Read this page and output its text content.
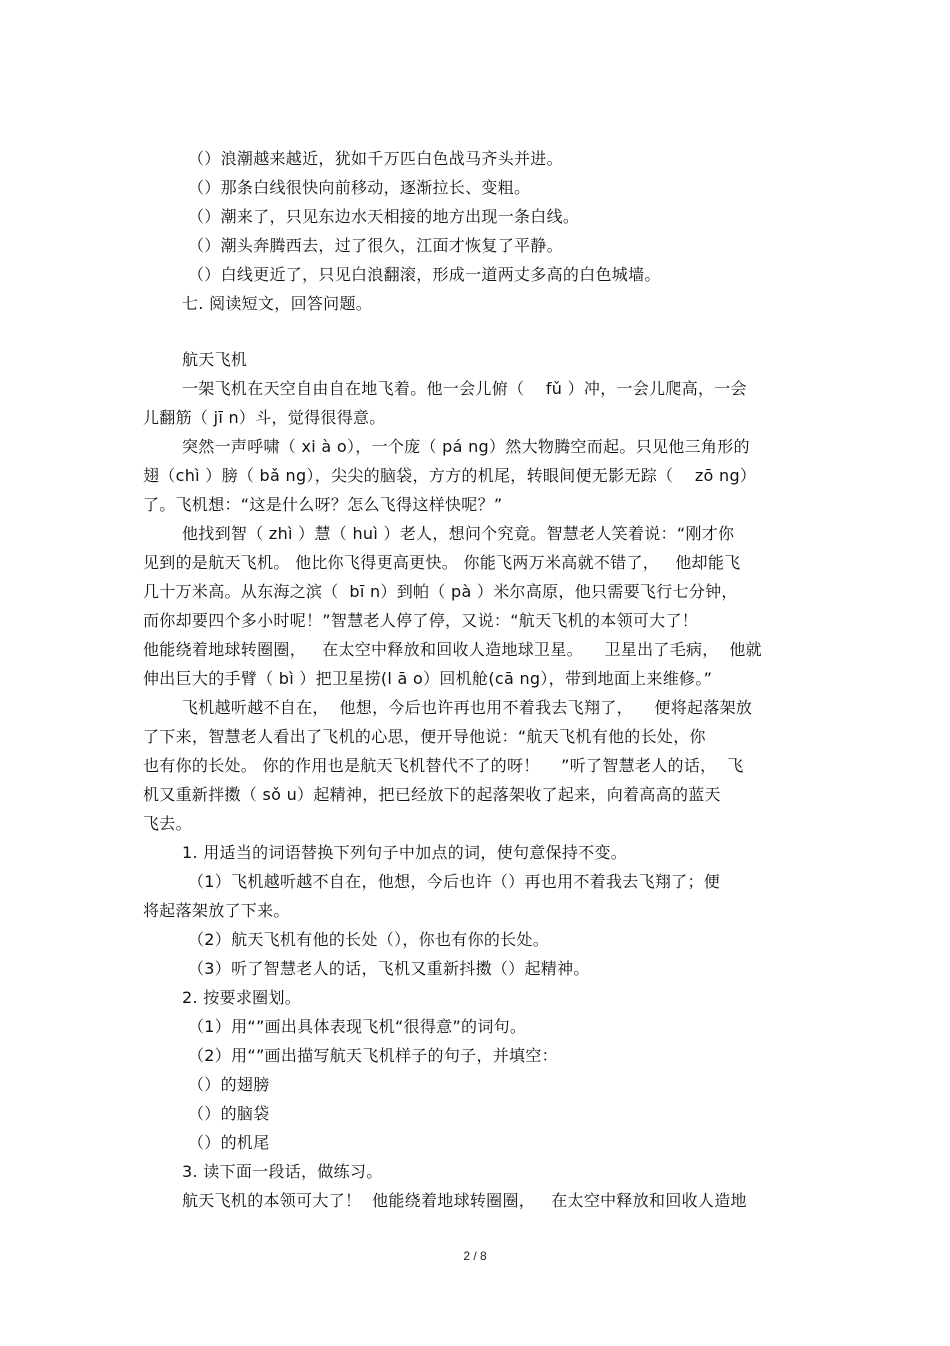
（）浪潮越来越近，犹如千万匹白色战马齐头并进。
（）那条白线很快向前移动，逐渐拉长、变粗。
（）潮来了，只见东边水天相接的地方出现一条白线。
（）潮头奔腾西去，过了很久，江面才恢复了平静。
（）白线更近了，只见白浪翻滚，形成一道两丈多高的白色城墙。
七. 阅读短文，回答问题。
航天飞机
一架飞机在天空自由自在地飞着。他一会儿俯（    fǔ ）冲，一会儿爬高，一会
儿翻筋（ jī n）斗，觉得很得意。
突然一声呼啸（ xi à o），一个庞（ pá ng）然大物腾空而起。只见他三角形的
翅（chì ）膀（ bǎ ng），尖尖的脑袋，方方的机尾，转眼间便无影无踪（    zō ng）
了。飞机想：“这是什么呀？怎么飞得这样快呢？”
他找到智（ zhì ）慧（ huì ）老人，想问个究竟。智慧老人笑着说：“刚才你
见到的是航天飞机。 他比你飞得更高更快。 你能飞两万米高就不错了，   他却能飞
几十万米高。从东海之滨（  bī n）到帕（ pà ）米尔高原，他只需要飞行七分钟，
而你却要四个多小时呢！”智慧老人停了停，又说：“航天飞机的本领可大了！
他能绕着地球转圈圈，   在太空中释放和回收人造地球卫星。    卫星出了毛病，  他就
伸出巨大的手臂（ bì ）把卫星捞(l ā o）回机舱(cā ng），带到地面上来维修。”
飞机越听越不自在，  他想，今后也许再也用不着我去飞翔了，    便将起落架放
了下来，智慧老人看出了飞机的心思，便开导他说：“航天飞机有他的长处，你
也有你的长处。 你的作用也是航天飞机替代不了的呀！    ”听了智慧老人的话，  飞
机又重新拌擞（ sǒ u）起精神，把已经放下的起落架收了起来，向着高高的蓝天
飞去。
1. 用适当的词语替换下列句子中加点的词，使句意保持不变。
（1）飞机越听越不自在，他想，今后也许（）再也用不着我去飞翔了；便
将起落架放了下来。
（2）航天飞机有他的长处（），你也有你的长处。
（3）听了智慧老人的话，飞机又重新抖擞（）起精神。
2. 按要求圈划。
（1）用“”画出具体表现飞机“很得意”的词句。
（2）用“”画出描写航天飞机样子的句子，并填空：
（）的翅膀
（）的脑袋
（）的机尾
3. 读下面一段话，做练习。
航天飞机的本领可大了！  他能绕着地球转圈圈，   在太空中释放和回收人造地
2 / 8
